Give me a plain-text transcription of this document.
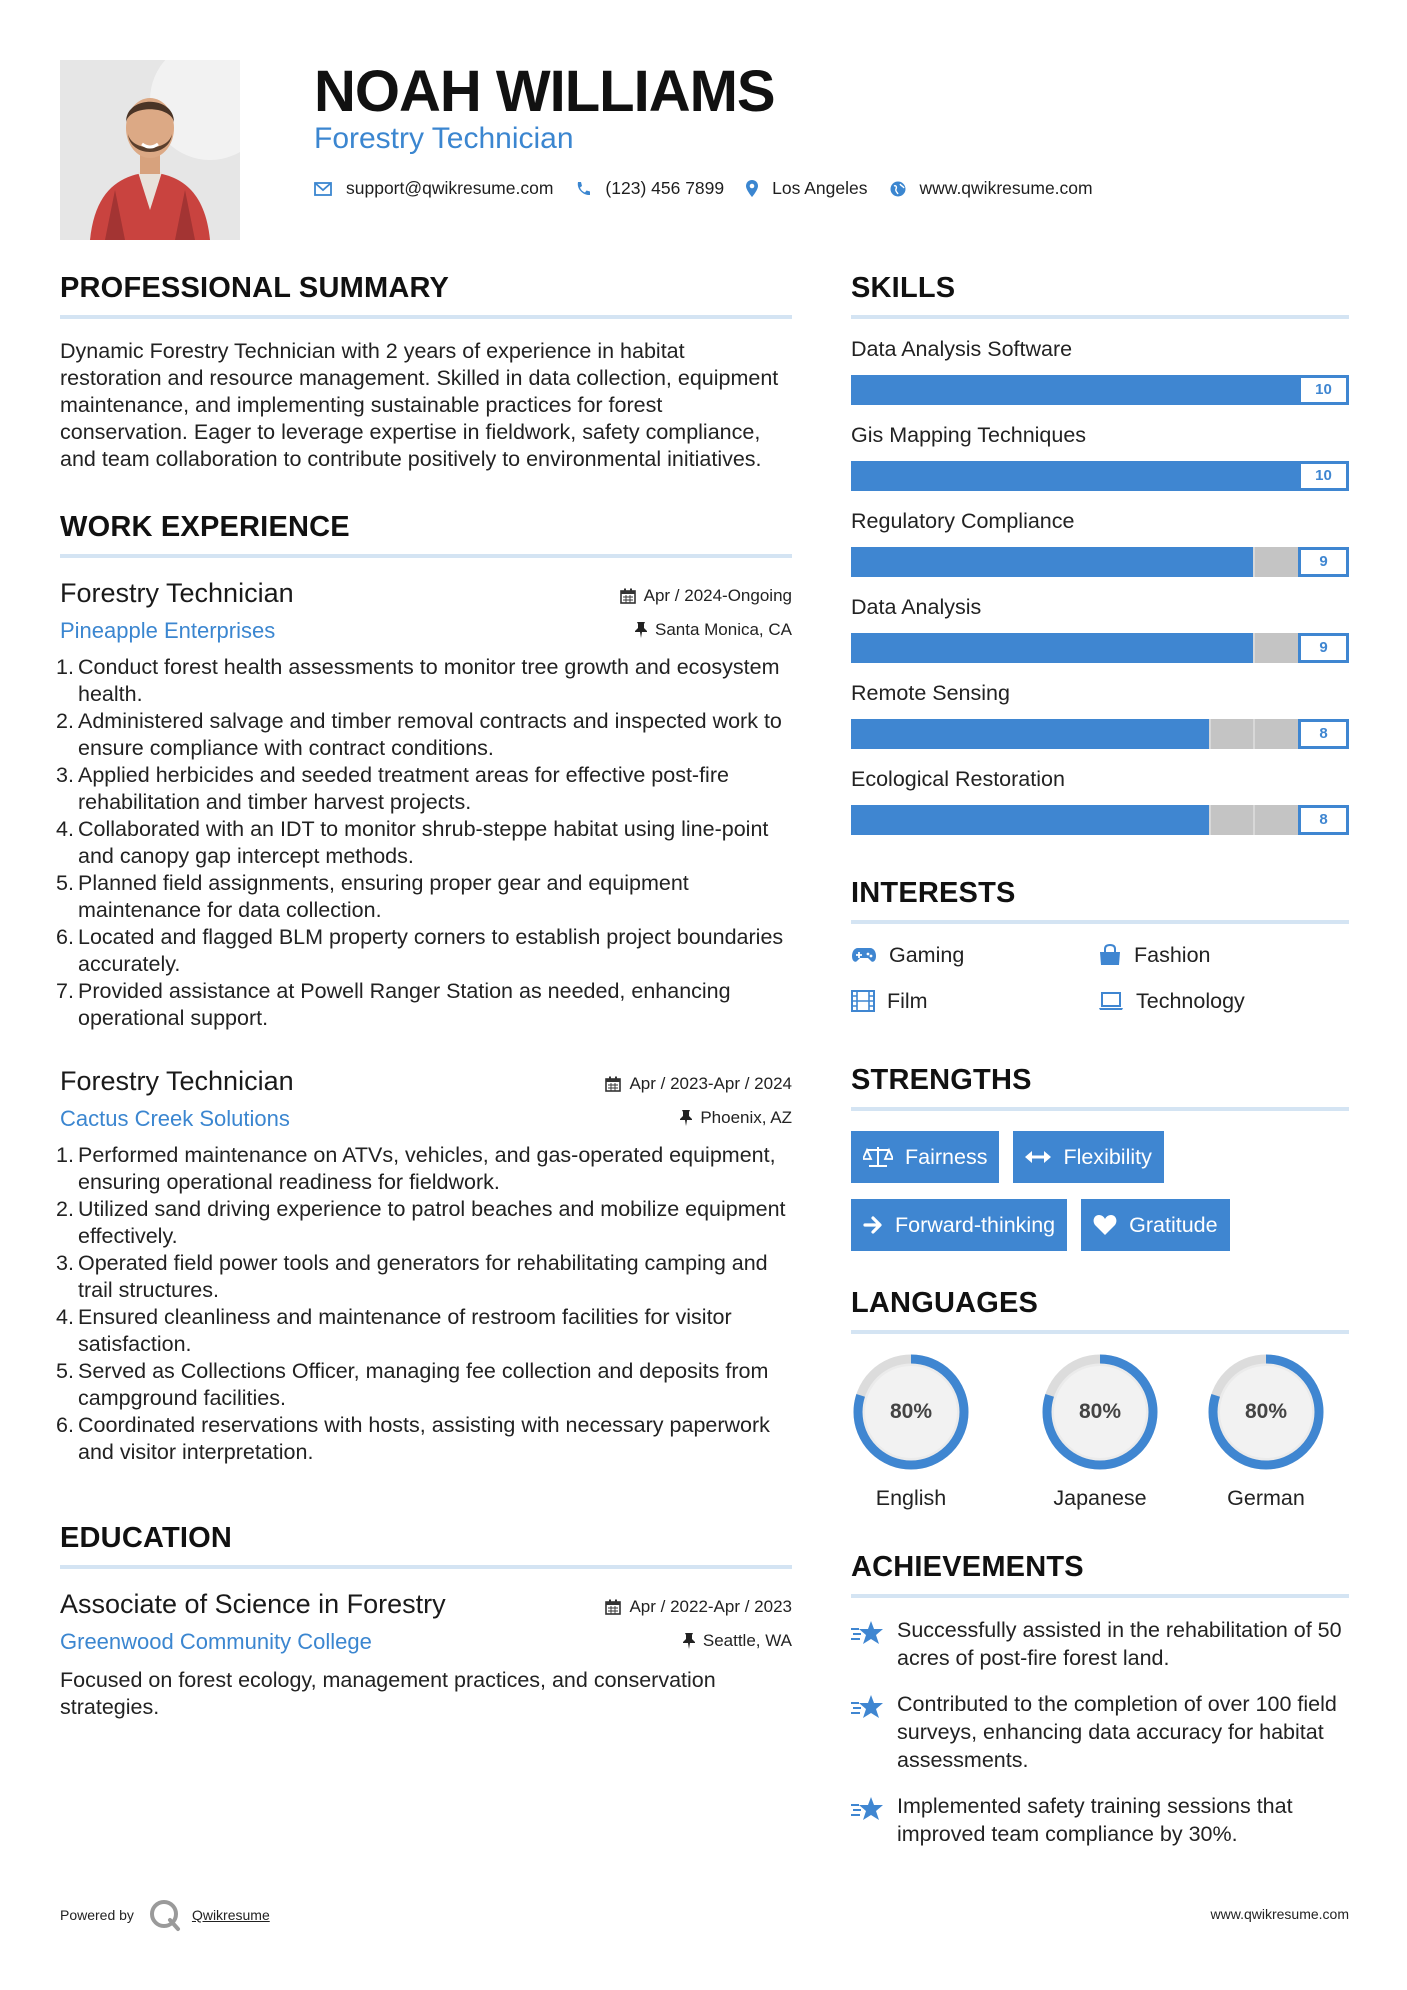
NOAH WILLIAMS
Forestry Technician
support@qwikresume.com	(123) 456 7899	Los Angeles	www.qwikresume.com
PROFESSIONAL SUMMARY

Dynamic Forestry Technician with 2 years of experience in habitat restoration and resource management. Skilled in data collection, equipment maintenance, and implementing sustainable practices for forest conservation. Eager to leverage expertise in fieldwork, safety compliance, and team collaboration to contribute positively to environmental initiatives.

WORK EXPERIENCE
Forestry Technician
Pineapple Enterprises
Apr / 2024-Ongoing
Santa Monica, CA
1. Conduct forest health assessments to monitor tree growth and ecosystem health.
2. Administered salvage and timber removal contracts and inspected work to ensure compliance with contract conditions.
3. Applied herbicides and seeded treatment areas for effective post-fire rehabilitation and timber harvest projects.
4. Collaborated with an IDT to monitor shrub-steppe habitat using line-point and canopy gap intercept methods.
5. Planned field assignments, ensuring proper gear and equipment maintenance for data collection.
6. Located and flagged BLM property corners to establish project boundaries accurately.
7. Provided assistance at Powell Ranger Station as needed, enhancing operational support.
Forestry Technician
Cactus Creek Solutions
Apr / 2023-Apr / 2024
Phoenix, AZ
1. Performed maintenance on ATVs, vehicles, and gas-operated equipment, ensuring operational readiness for fieldwork.
2. Utilized sand driving experience to patrol beaches and mobilize equipment effectively.
3. Operated field power tools and generators for rehabilitating camping and trail structures.
4. Ensured cleanliness and maintenance of restroom facilities for visitor satisfaction.
5. Served as Collections Officer, managing fee collection and deposits from campground facilities.
6. Coordinated reservations with hosts, assisting with necessary paperwork and visitor interpretation.
EDUCATION
Associate of Science in Forestry
Greenwood Community College
Apr / 2022-Apr / 2023
Seattle, WA

Focused on forest ecology, management practices, and conservation strategies.

SKILLS
Data Analysis Software
10
Gis Mapping Techniques
10
Regulatory Compliance
9
Data Analysis
9
Remote Sensing
8
Ecological Restoration
8
INTERESTS
Gaming	Fashion
Film	Technology
STRENGTHS
Fairness	Flexibility
Forward-thinking	Gratitude
LANGUAGES
80%
English
80%
Japanese
80%
German
ACHIEVEMENTS
Successfully assisted in the rehabilitation of 50 acres of post-fire forest land.
Contributed to the completion of over 100 field surveys, enhancing data accuracy for habitat assessments.
Implemented safety training sessions that improved team compliance by 30%.
Powered by	Qwikresume	www.qwikresume.com
